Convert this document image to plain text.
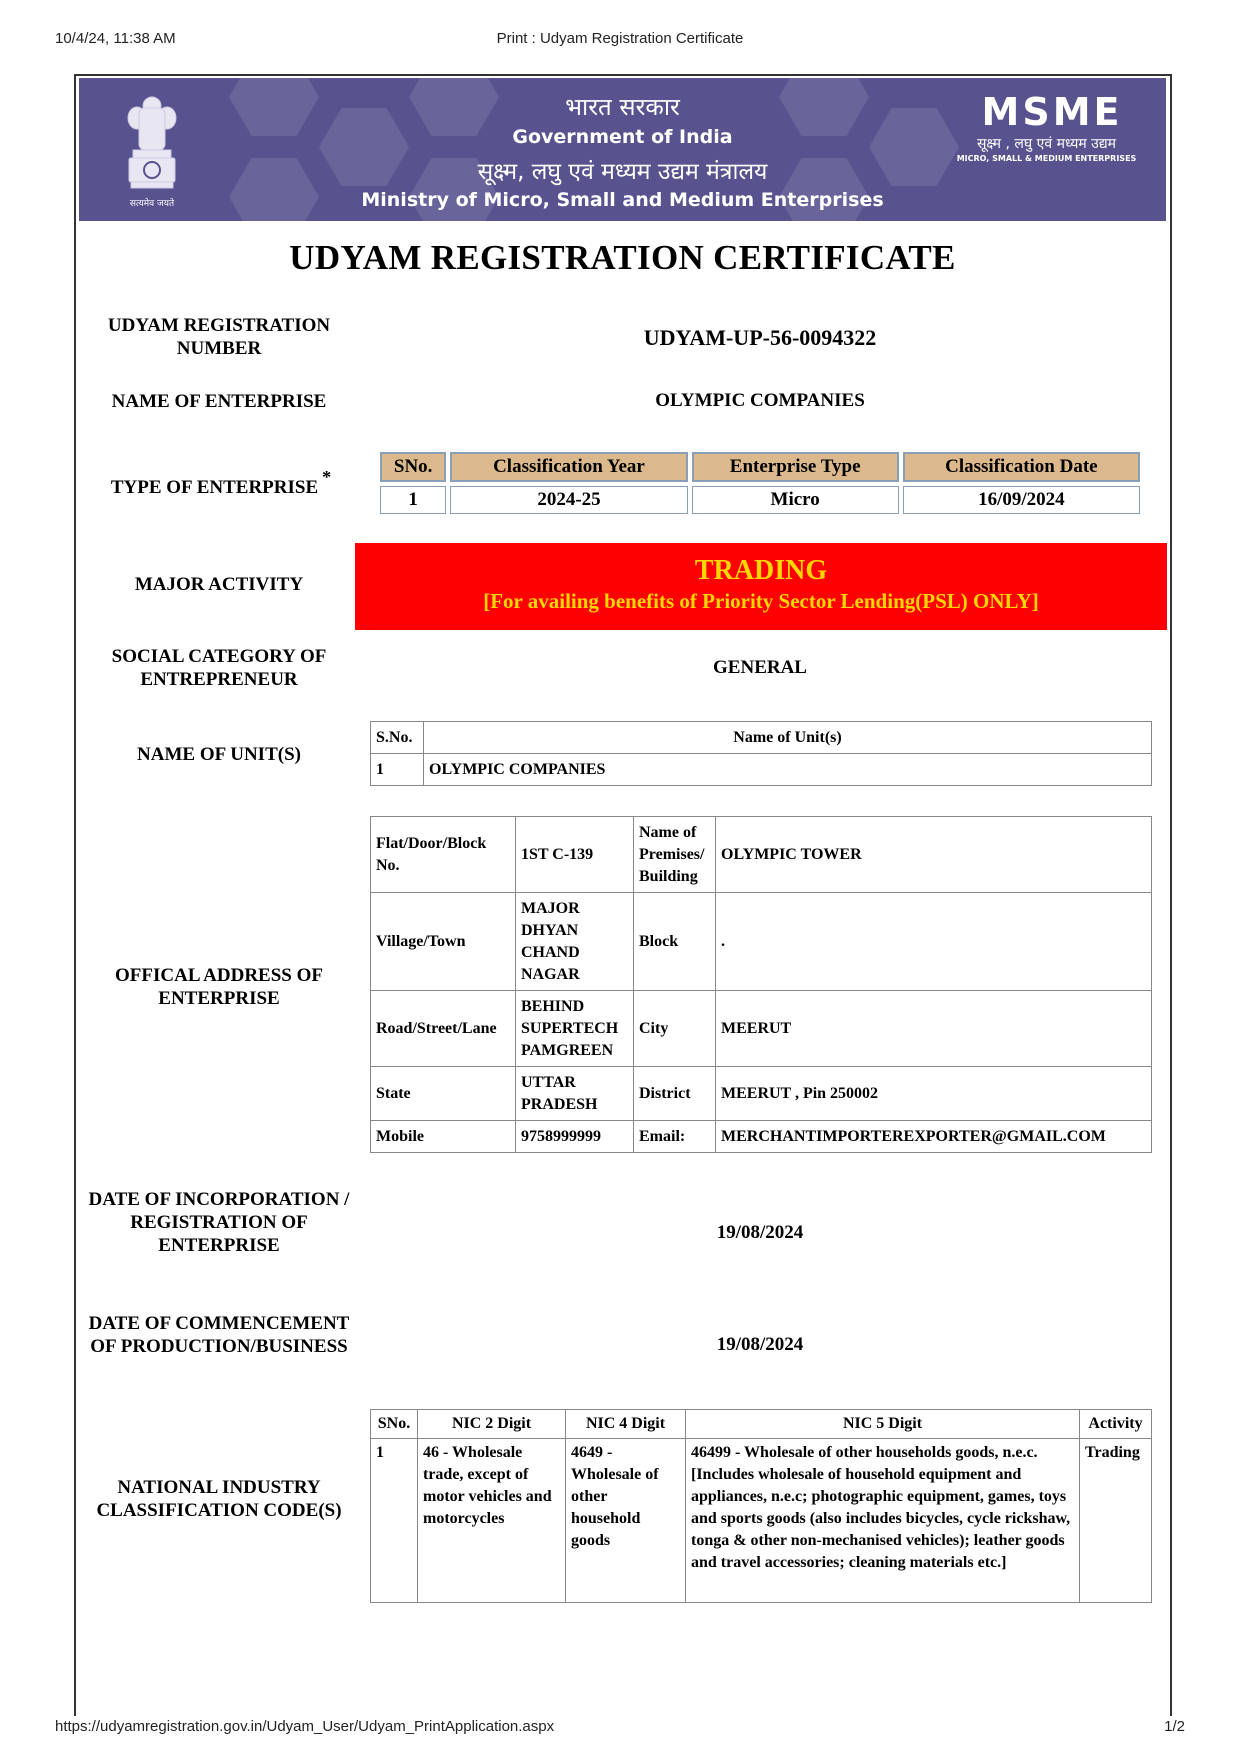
Print : Udyam Registration Certificate
10/4/24, 11:38 AM
सत्यमेव जयते
भारत सरकार
Government of India
सूक्ष्म, लघु एवं मध्यम उद्यम मंत्रालय
Ministry of Micro, Small and Medium Enterprises
MSME
सूक्ष्म , लघु एवं मध्यम उद्यम
MICRO, SMALL & MEDIUM ENTERPRISES
UDYAM REGISTRATION CERTIFICATE
UDYAM REGISTRATION NUMBER	UDYAM-UP-56-0094322
NAME OF ENTERPRISE	OLYMPIC COMPANIES
TYPE OF ENTERPRISE *	SNo.	Classification Year	Enterprise Type	Classification Date

1	2024-25	Micro	16/09/2024
MAJOR ACTIVITY	TRADING
[For availing benefits of Priority Sector Lending(PSL) ONLY]
SOCIAL CATEGORY OF ENTREPRENEUR
GENERAL
NAME OF UNIT(S)
S.No.	Name of Unit(s)
1	OLYMPIC COMPANIES
OFFICAL ADDRESS OF ENTERPRISE
Flat/Door/Block No.	1ST C-139	Name of Premises/ Building	OLYMPIC TOWER
Village/Town	MAJOR DHYAN CHAND NAGAR	Block	.
Road/Street/Lane	BEHIND SUPERTECH PAMGREEN	City	MEERUT
State	UTTAR PRADESH	District	MEERUT , Pin 250002
Mobile	9758999999	Email:	MERCHANTIMPORTEREXPORTER@GMAIL.COM
DATE OF INCORPORATION / REGISTRATION OF ENTERPRISE
19/08/2024
DATE OF COMMENCEMENT OF PRODUCTION/BUSINESS	19/08/2024
NATIONAL INDUSTRY CLASSIFICATION CODE(S)
SNo.	NIC 2 Digit	NIC 4 Digit	NIC 5 Digit	Activity
1	46 - Wholesale trade, except of motor vehicles and motorcycles	4649 - Wholesale of other household goods	46499 - Wholesale of other households goods, n.e.c. [Includes wholesale of household equipment and appliances, n.e.c; photographic equipment, games, toys and sports goods (also includes bicycles, cycle rickshaw, tonga & other non-mechanised vehicles); leather goods and travel accessories; cleaning materials etc.]	Trading
https://udyamregistration.gov.in/Udyam_User/Udyam_PrintApplication.aspx	1/2
